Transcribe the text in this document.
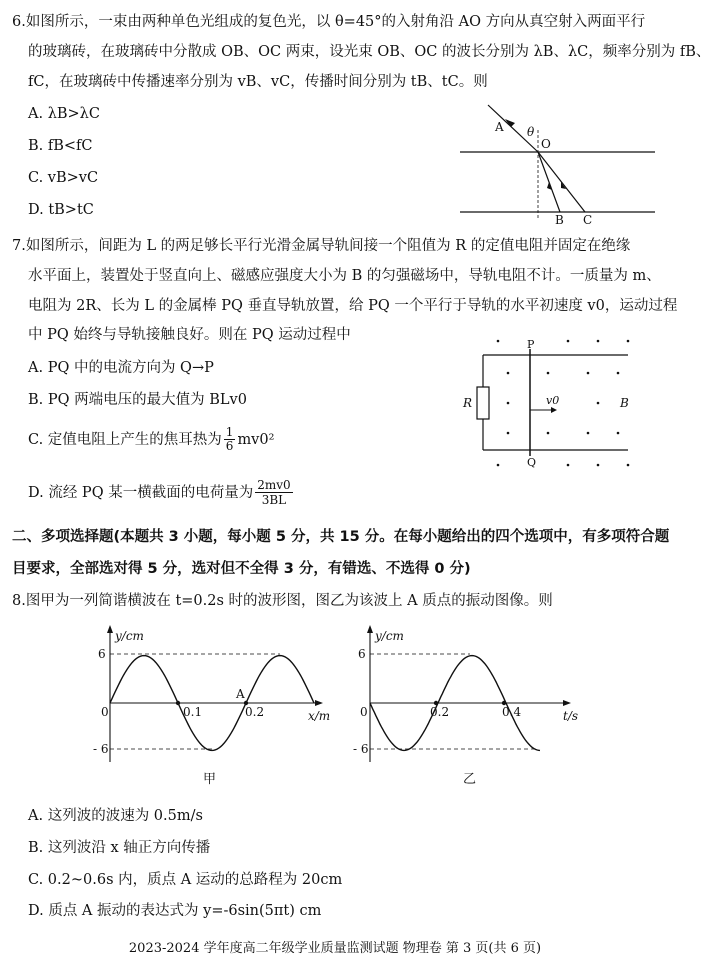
6.如图所示，一束由两种单色光组成的复色光，以 θ=45°的入射角沿 AO 方向从真空射入两面平行
的玻璃砖，在玻璃砖中分散成 OB、OC 两束，设光束 OB、OC 的波长分别为 λB、λC，频率分别为 fB、
fC，在玻璃砖中传播速率分别为 vB、vC，传播时间分别为 tB、tC。则
A. λB>λC
B. fB<fC
C. vB>vC
D. tB>tC
A θ
O
B C
7.如图所示，间距为 L 的两足够长平行光滑金属导轨间接一个阻值为 R 的定值电阻并固定在绝缘
水平面上，装置处于竖直向上、磁感应强度大小为 B 的匀强磁场中，导轨电阻不计。一质量为 m、
电阻为 2R、长为 L 的金属棒 PQ 垂直导轨放置，给 PQ 一个平行于导轨的水平初速度 v0，运动过程
中 PQ 始终与导轨接触良好。则在 PQ 运动过程中
A. PQ 中的电流方向为 Q→P
B. PQ 两端电压的最大值为 BLv0
C. 定值电阻上产生的焦耳热为 $\frac{1}{6} mv0^2$
D. 流经 PQ 某一横截面的电荷量为 $\frac{2mv0}{3BL}$
P
Q
R	v0	B
二、多项选择题(本题共 3 小题，每小题 5 分，共 15 分。在每小题给出的四个选项中，有多项符合题
目要求，全部选对得 5 分，选对但不全得 3 分，有错选、不选得 0 分)
8.图甲为一列简谐横波在 t=0.2s 时的波形图，图乙为该波上 A 质点的振动图像。则
y/cm
x/m
6
- 6
0	0.1	0.2
A
甲
y/cm
t/s
6
- 6
0	0.2	0.4
乙
A. 这列波的波速为 0.5m/s
B. 这列波沿 x 轴正方向传播
C. 0.2~0.6s 内，质点 A 运动的总路程为 20cm
D. 质点 A 振动的表达式为 y=-6sin(5πt) cm
2023-2024 学年度高二年级学业质量监测试题 物理卷 第 3 页(共 6 页)
